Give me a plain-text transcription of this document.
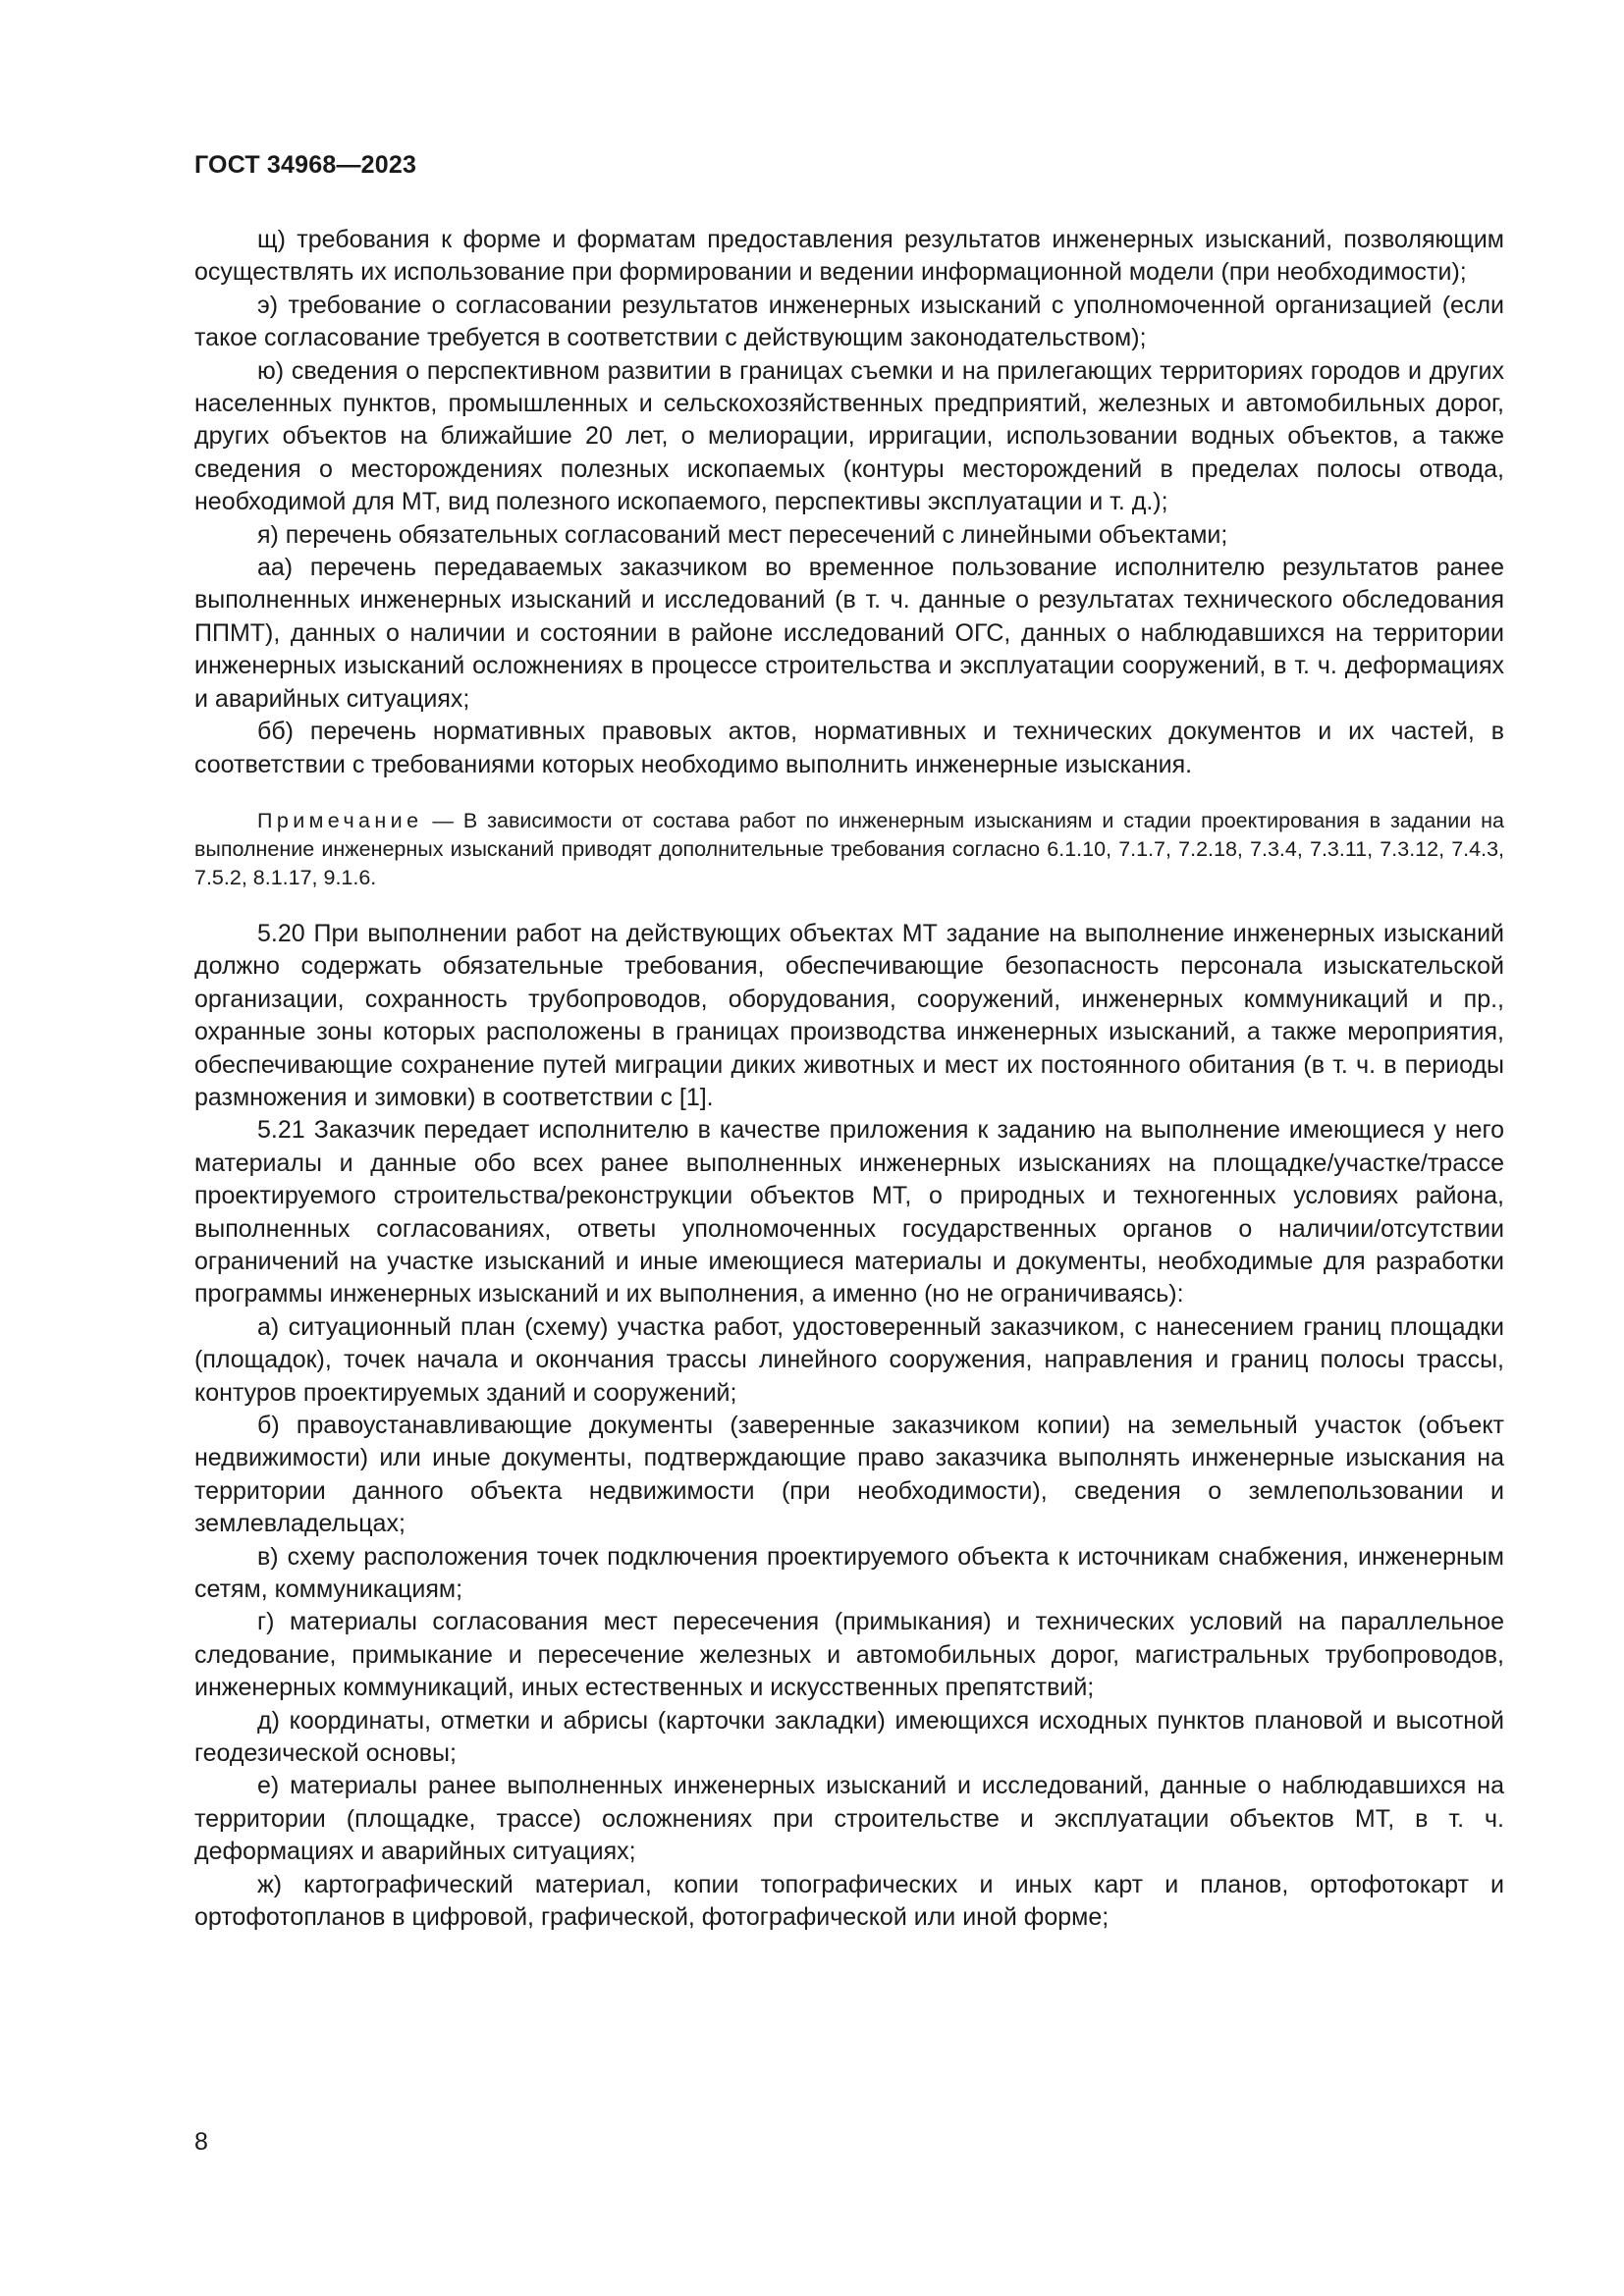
ГОСТ 34968—2023

щ) требования к форме и форматам предоставления результатов инженерных изысканий, позволяющим осуществлять их использование при формировании и ведении информационной модели (при необходимости);

э) требование о согласовании результатов инженерных изысканий с уполномоченной организацией (если такое согласование требуется в соответствии с действующим законодательством);

ю) сведения о перспективном развитии в границах съемки и на прилегающих территориях городов и других населенных пунктов, промышленных и сельскохозяйственных предприятий, железных и автомобильных дорог, других объектов на ближайшие 20 лет, о мелиорации, ирригации, использовании водных объектов, а также сведения о месторождениях полезных ископаемых (контуры месторождений в пределах полосы отвода, необходимой для МТ, вид полезного ископаемого, перспективы эксплуатации и т. д.);

я) перечень обязательных согласований мест пересечений с линейными объектами;

аа) перечень передаваемых заказчиком во временное пользование исполнителю результатов ранее выполненных инженерных изысканий и исследований (в т. ч. данные о результатах технического обследования ППМТ), данных о наличии и состоянии в районе исследований ОГС, данных о наблюдавшихся на территории инженерных изысканий осложнениях в процессе строительства и эксплуатации сооружений, в т. ч. деформациях и аварийных ситуациях;

бб) перечень нормативных правовых актов, нормативных и технических документов и их частей, в соответствии с требованиями которых необходимо выполнить инженерные изыскания.

Примечание — В зависимости от состава работ по инженерным изысканиям и стадии проектирования в задании на выполнение инженерных изысканий приводят дополнительные требования согласно 6.1.10, 7.1.7, 7.2.18, 7.3.4, 7.3.11, 7.3.12, 7.4.3, 7.5.2, 8.1.17, 9.1.6.

5.20 При выполнении работ на действующих объектах МТ задание на выполнение инженерных изысканий должно содержать обязательные требования, обеспечивающие безопасность персонала изыскательской организации, сохранность трубопроводов, оборудования, сооружений, инженерных коммуникаций и пр., охранные зоны которых расположены в границах производства инженерных изысканий, а также мероприятия, обеспечивающие сохранение путей миграции диких животных и мест их постоянного обитания (в т. ч. в периоды размножения и зимовки) в соответствии с [1].

5.21 Заказчик передает исполнителю в качестве приложения к заданию на выполнение имеющиеся у него материалы и данные обо всех ранее выполненных инженерных изысканиях на площадке/участке/трассе проектируемого строительства/реконструкции объектов МТ, о природных и техногенных условиях района, выполненных согласованиях, ответы уполномоченных государственных органов о наличии/отсутствии ограничений на участке изысканий и иные имеющиеся материалы и документы, необходимые для разработки программы инженерных изысканий и их выполнения, а именно (но не ограничиваясь):

а) ситуационный план (схему) участка работ, удостоверенный заказчиком, с нанесением границ площадки (площадок), точек начала и окончания трассы линейного сооружения, направления и границ полосы трассы, контуров проектируемых зданий и сооружений;

б) правоустанавливающие документы (заверенные заказчиком копии) на земельный участок (объект недвижимости) или иные документы, подтверждающие право заказчика выполнять инженерные изыскания на территории данного объекта недвижимости (при необходимости), сведения о землепользовании и землевладельцах;

в) схему расположения точек подключения проектируемого объекта к источникам снабжения, инженерным сетям, коммуникациям;

г) материалы согласования мест пересечения (примыкания) и технических условий на параллельное следование, примыкание и пересечение железных и автомобильных дорог, магистральных трубопроводов, инженерных коммуникаций, иных естественных и искусственных препятствий;

д) координаты, отметки и абрисы (карточки закладки) имеющихся исходных пунктов плановой и высотной геодезической основы;

е) материалы ранее выполненных инженерных изысканий и исследований, данные о наблюдавшихся на территории (площадке, трассе) осложнениях при строительстве и эксплуатации объектов МТ, в т. ч. деформациях и аварийных ситуациях;

ж) картографический материал, копии топографических и иных карт и планов, ортофотокарт и ортофотопланов в цифровой, графической, фотографической или иной форме;

8
